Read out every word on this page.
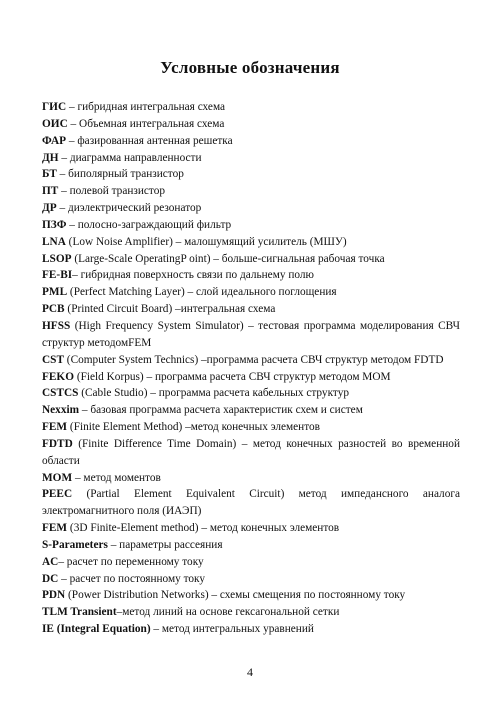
Условные обозначения
ГИС – гибридная интегральная схема
ОИС – Объемная интегральная схема
ФАР – фазированная антенная решетка
ДН – диаграмма направленности
БТ – биполярный транзистор
ПТ – полевой транзистор
ДР – диэлектрический резонатор
ПЗФ – полосно-заграждающий фильтр
LNA (Low Noise Amplifier) – малошумящий усилитель (МШУ)
LSOP (Large-Scale OperatingP oint) – больше-сигнальная рабочая точка
FE-BI– гибридная поверхность связи по дальнему полю
PML (Perfect Matching Layer) – слой идеального поглощения
PCB (Printed Circuit Board) –интегральная схема
HFSS (High Frequency System Simulator) – тестовая программа моделирования СВЧ структур методомFEM
CST (Computer System Technics) –программа расчета СВЧ структур методом FDTD
FEKO (Field Korpus) – программа расчета СВЧ структур методом MOM
CSTCS (Cable Studio) – программа расчета кабельных структур
Nexxim – базовая программа расчета характеристик схем и систем
FEM (Finite Element Method) –метод конечных элементов
FDTD (Finite Difference Time Domain) – метод конечных разностей во временной области
MOM – метод моментов
PEEC (Partial Element Equivalent Circuit) метод импедансного аналога электромагнитного поля (ИАЭП)
FEM (3D Finite-Element method) – метод конечных элементов
S-Parameters – параметры рассеяния
AC– расчет по переменному току
DC – расчет по постоянному току
PDN (Power Distribution Networks) – схемы смещения по постоянному току
TLM Transient–метод линий на основе гексагональной сетки
IE (Integral Equation) – метод интегральных уравнений
4
